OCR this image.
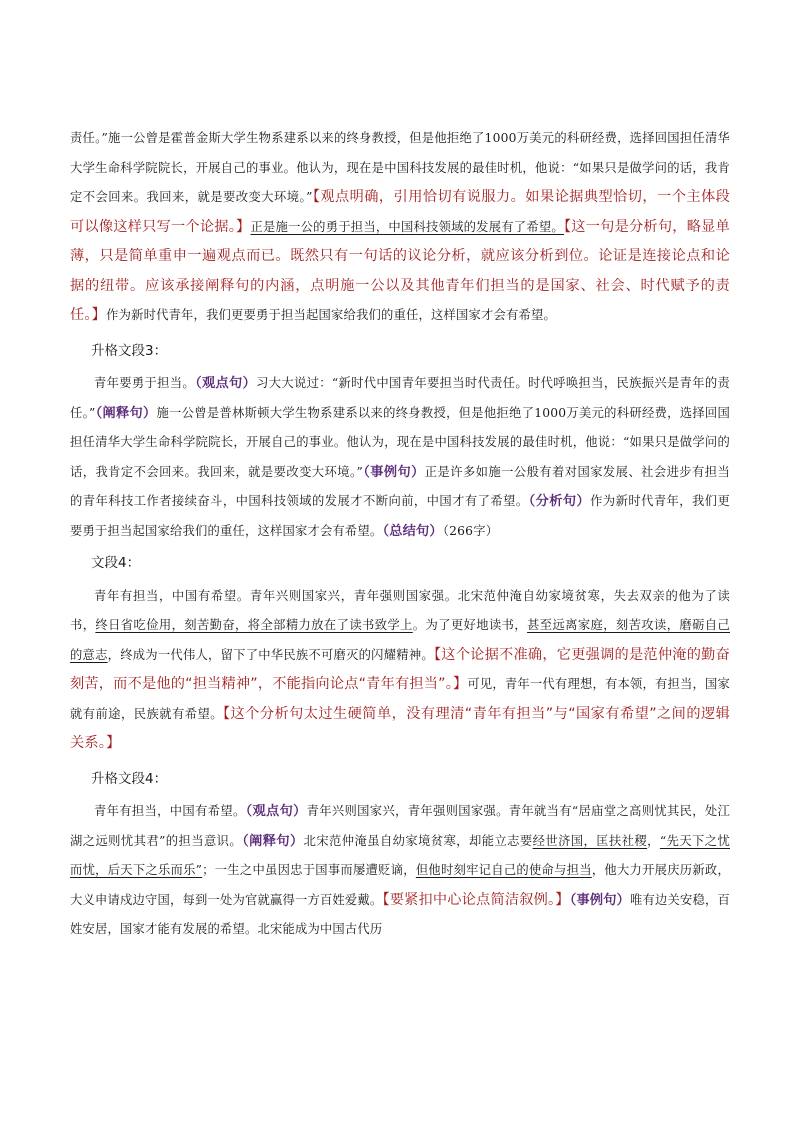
责任。”施一公曾是霍普金斯大学生物系建系以来的终身教授，但是他拒绝了1000万美元的科研经费，选择回国担任清华大学生命科学院院长，开展自己的事业。他认为，现在是中国科技发展的最佳时机，他说：“如果只是做学问的话，我肯定不会回来。我回来，就是要改变大环境。”【观点明确，引用恰切有说服力。如果论据典型恰切，一个主体段可以像这样只写一个论据。】正是施一公的勇于担当，中国科技领域的发展有了希望。【这一句是分析句，略显单薄，只是简单重申一遍观点而已。既然只有一句话的议论分析，就应该分析到位。论证是连接论点和论据的纽带。应该承接阐释句的内涵，点明施一公以及其他青年们担当的是国家、社会、时代赋予的责任。】作为新时代青年，我们更要勇于担当起国家给我们的重任，这样国家才会有希望。

升格文段3：

青年要勇于担当。（观点句）习大大说过：“新时代中国青年要担当时代责任。时代呼唤担当，民族振兴是青年的责任。”（阐释句）施一公曾是普林斯顿大学生物系建系以来的终身教授，但是他拒绝了1000万美元的科研经费，选择回国担任清华大学生命科学院院长，开展自己的事业。他认为，现在是中国科技发展的最佳时机，他说：“如果只是做学问的话，我肯定不会回来。我回来，就是要改变大环境。”（事例句）正是许多如施一公般有着对国家发展、社会进步有担当的青年科技工作者接续奋斗，中国科技领域的发展才不断向前，中国才有了希望。（分析句）作为新时代青年，我们更要勇于担当起国家给我们的重任，这样国家才会有希望。（总结句）（266字）

文段4：

青年有担当，中国有希望。青年兴则国家兴，青年强则国家强。北宋范仲淹自幼家境贫寒，失去双亲的他为了读书，终日省吃俭用，刻苦勤奋，将全部精力放在了读书致学上。为了更好地读书，甚至远离家庭，刻苦攻读，磨砺自己的意志，终成为一代伟人，留下了中华民族不可磨灭的闪耀精神。【这个论据不准确，它更强调的是范仲淹的勤奋刻苦，而不是他的“担当精神”，不能指向论点“青年有担当”。】可见，青年一代有理想，有本领，有担当，国家就有前途，民族就有希望。【这个分析句太过生硬简单，没有理清“青年有担当”与“国家有希望”之间的逻辑关系。】

升格文段4：

青年有担当，中国有希望。（观点句）青年兴则国家兴，青年强则国家强。青年就当有“居庙堂之高则忧其民，处江湖之远则忧其君”的担当意识。（阐释句）北宋范仲淹虽自幼家境贫寒，却能立志要经世济国，匡扶社稷，“先天下之忧而忧，后天下之乐而乐”；一生之中虽因忠于国事而屡遭贬谪，但他时刻牢记自己的使命与担当，他大力开展庆历新政，大义申请戍边守国，每到一处为官就赢得一方百姓爱戴。【要紧扣中心论点简洁叙例。】（事例句）唯有边关安稳，百姓安居，国家才能有发展的希望。北宋能成为中国古代历
